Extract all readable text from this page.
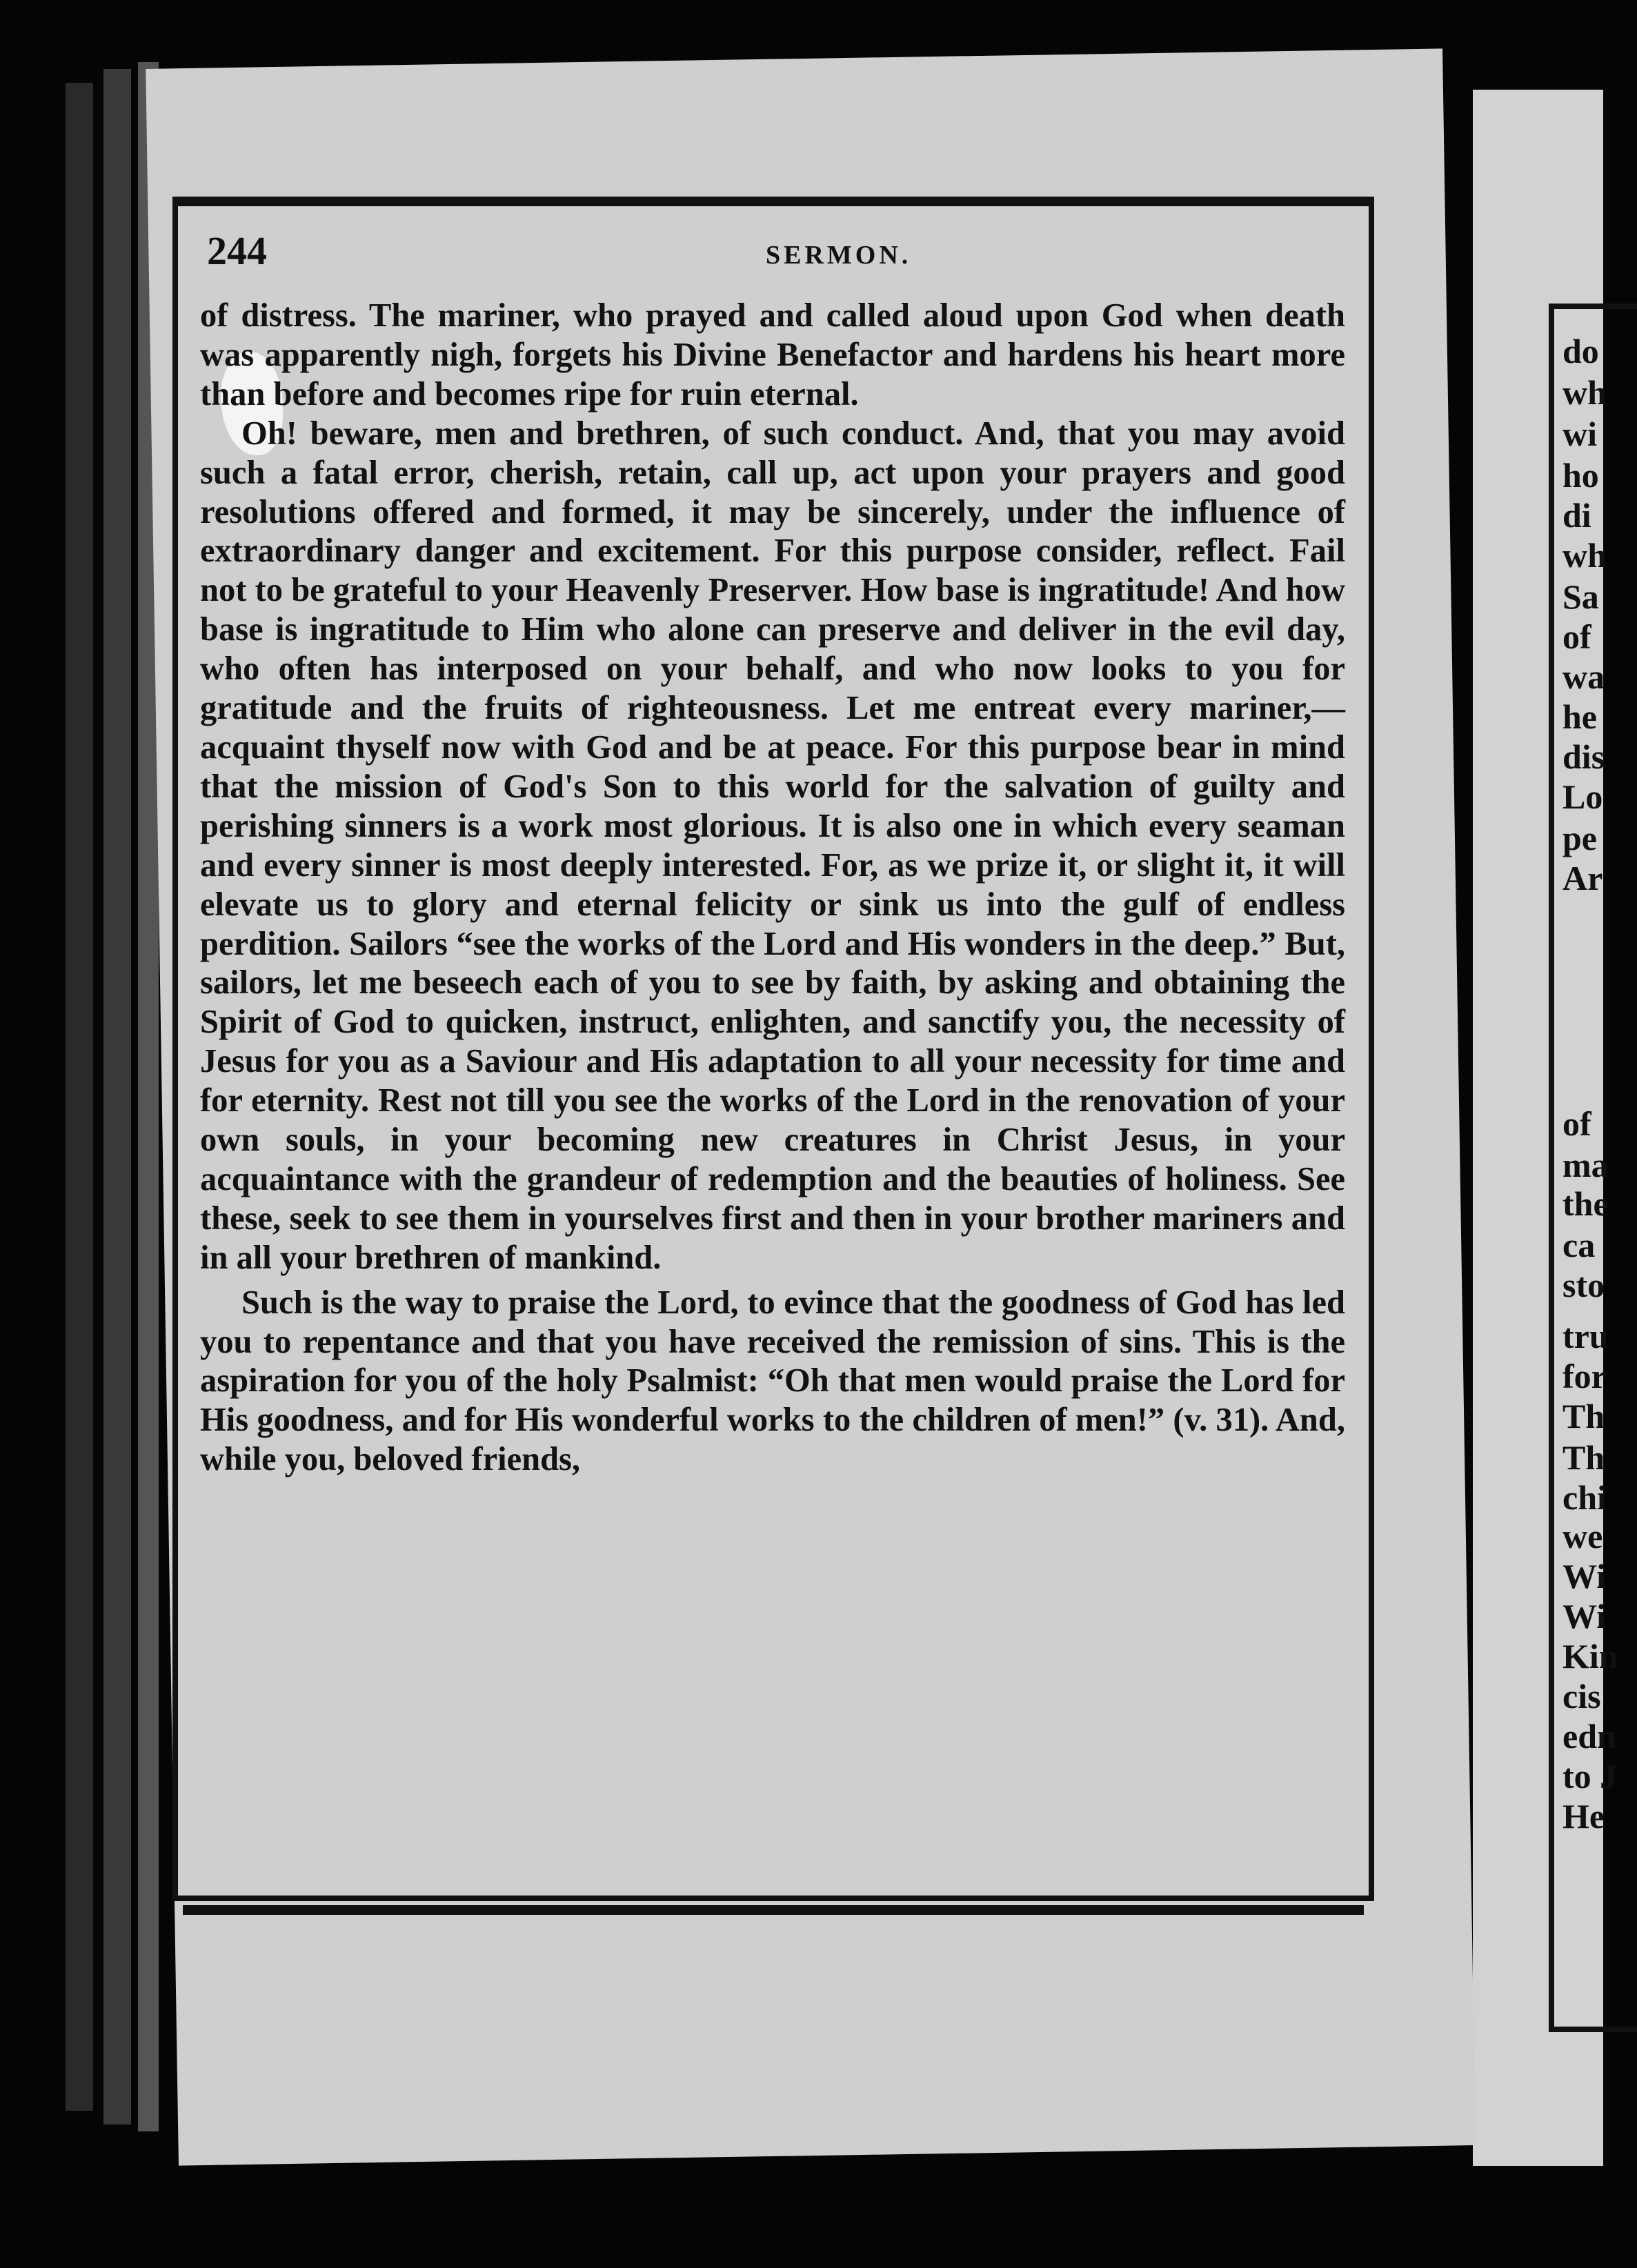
do
wh
wi
ho
di
wh
Sa
of
wa
he
dis
Lo
pe
Ar
of
ma
the
ca
sto
tru
for
Th
Th
chi
we
Wi
Wi
Kin
cis
edn
to J
He
244	SERMON.

of distress. The mariner, who prayed and called aloud upon God when death was apparently nigh, forgets his Divine Benefactor and hardens his heart more than before and becomes ripe for ruin eternal.

Oh! beware, men and brethren, of such conduct. And, that you may avoid such a fatal error, cherish, retain, call up, act upon your prayers and good resolutions offered and formed, it may be sincerely, under the influence of extraordinary danger and excitement. For this purpose consider, reflect. Fail not to be grateful to your Heavenly Preserver. How base is ingratitude! And how base is ingratitude to Him who alone can preserve and deliver in the evil day, who often has interposed on your behalf, and who now looks to you for gratitude and the fruits of righteousness. Let me entreat every mariner,—acquaint thyself now with God and be at peace. For this purpose bear in mind that the mission of God's Son to this world for the salvation of guilty and perishing sinners is a work most glorious. It is also one in which every seaman and every sinner is most deeply interested. For, as we prize it, or slight it, it will elevate us to glory and eternal felicity or sink us into the gulf of endless perdition. Sailors “see the works of the Lord and His wonders in the deep.” But, sailors, let me beseech each of you to see by faith, by asking and obtaining the Spirit of God to quicken, instruct, enlighten, and sanctify you, the necessity of Jesus for you as a Saviour and His adaptation to all your necessity for time and for eternity. Rest not till you see the works of the Lord in the renovation of your own souls, in your becoming new creatures in Christ Jesus, in your acquaintance with the grandeur of redemption and the beauties of holiness. See these, seek to see them in yourselves first and then in your brother mariners and in all your brethren of mankind.

Such is the way to praise the Lord, to evince that the goodness of God has led you to repentance and that you have received the remission of sins. This is the aspiration for you of the holy Psalmist: “Oh that men would praise the Lord for His goodness, and for His wonderful works to the children of men!” (v. 31). And, while you, beloved friends,
